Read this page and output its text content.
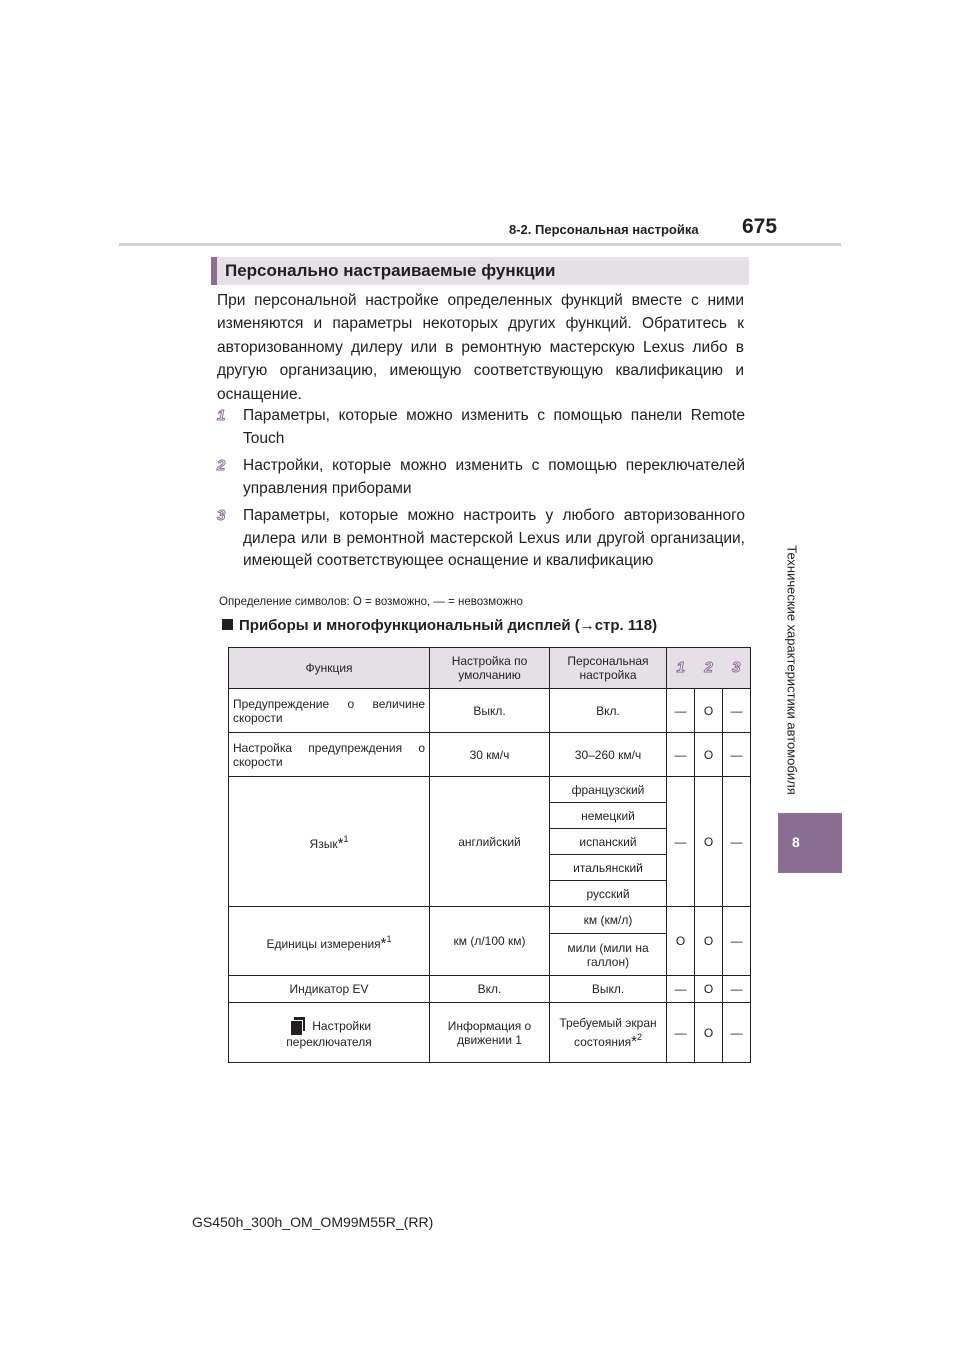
8-2. Персональная настройка 675
Технические характеристики автомобиля
8
Персонально настраиваемые функции
При персональной настройке определенных функций вместе с ними изменяются и параметры некоторых других функций. Обратитесь к авторизованному дилеру или в ремонтную мастерскую Lexus либо в другую организацию, имеющую соответствующую квалификацию и оснащение.
1	Параметры, которые можно изменить с помощью панели Remote Touch
2	Настройки, которые можно изменить с помощью переключателей управления приборами
3	Параметры, которые можно настроить у любого авторизованного дилера или в ремонтной мастерской Lexus или другой организации, имеющей соответствующее оснащение и квалификацию
Определение символов: O = возможно, — = невозможно
Приборы и многофункциональный дисплей (→стр. 118)
Функция	Настройка по умолчанию	Персональная настройка	1 2 3		

Предупреждение о величине скорости	Выкл.	Вкл.	—	O	—
Настройка предупреждения о скорости	30 км/ч	30–260 км/ч	—	O	—
Язык*$^1$	английский	французский	—	O	—
		немецкий			
		испанский			
		итальянский			
		русский			
Единицы измерения*$^1$	км (л/100 км)	км (км/л)	O	O	—
		мили (мили на галлон)			
Индикатор EV	Вкл.	Выкл.	—	O	—

Настройки
переключателя	Информация о движении 1	Требуемый экран состояния*$^2$	—	O	—
GS450h_300h_OM_OM99M55R_(RR)
